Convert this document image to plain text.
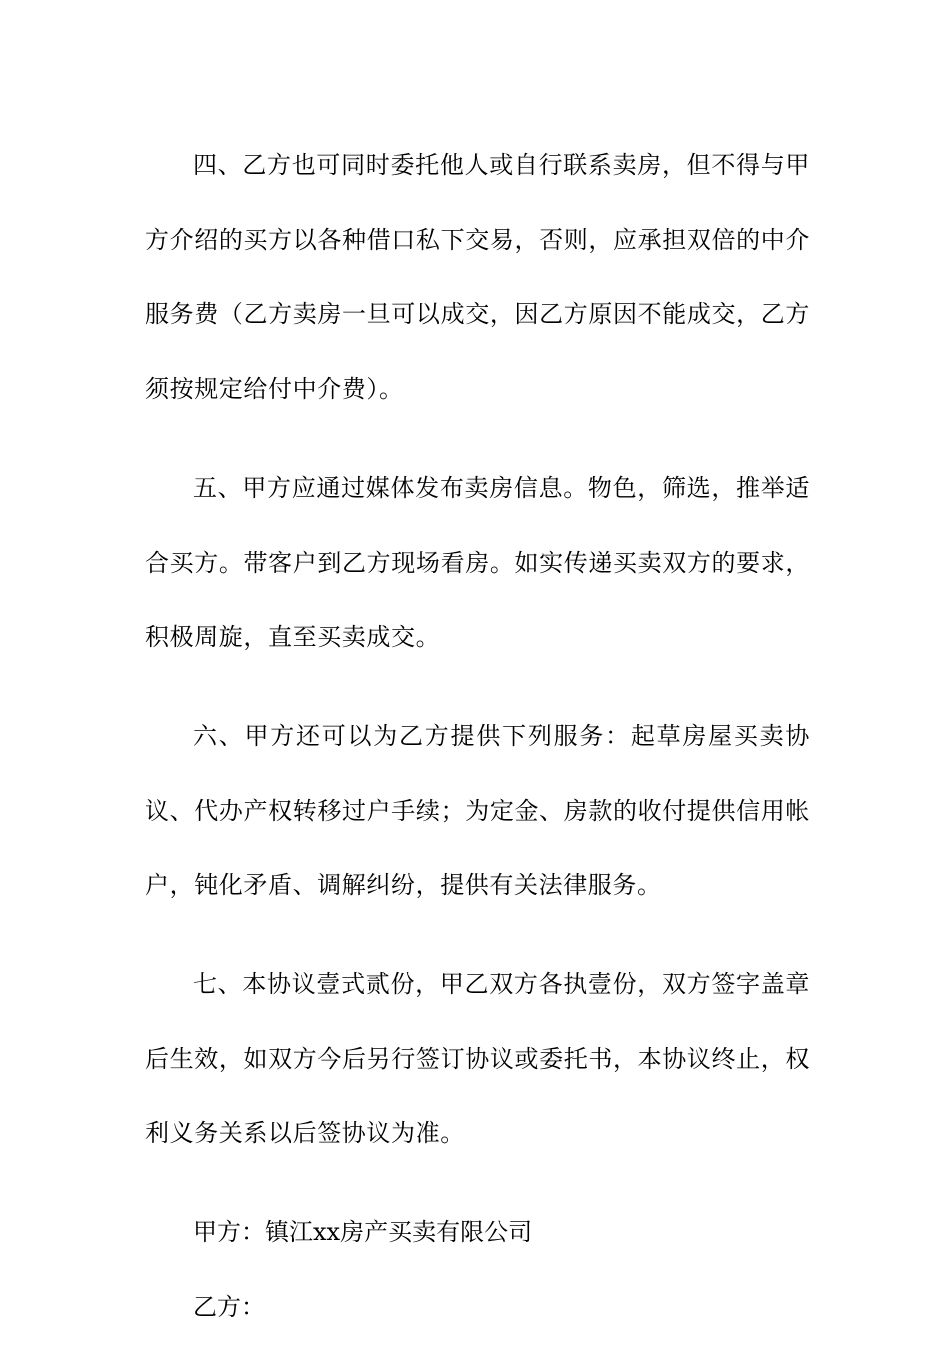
四、乙方也可同时委托他人或自行联系卖房，但不得与甲方介绍的买方以各种借口私下交易，否则，应承担双倍的中介服务费（乙方卖房一旦可以成交，因乙方原因不能成交，乙方须按规定给付中介费）。

五、甲方应通过媒体发布卖房信息。物色，筛选，推举适合买方。带客户到乙方现场看房。如实传递买卖双方的要求，积极周旋，直至买卖成交。

六、甲方还可以为乙方提供下列服务：起草房屋买卖协议、代办产权转移过户手续；为定金、房款的收付提供信用帐户，钝化矛盾、调解纠纷，提供有关法律服务。

七、本协议壹式贰份，甲乙双方各执壹份，双方签字盖章后生效，如双方今后另行签订协议或委托书，本协议终止，权利义务关系以后签协议为准。

甲方：镇江xx房产买卖有限公司

乙方：
